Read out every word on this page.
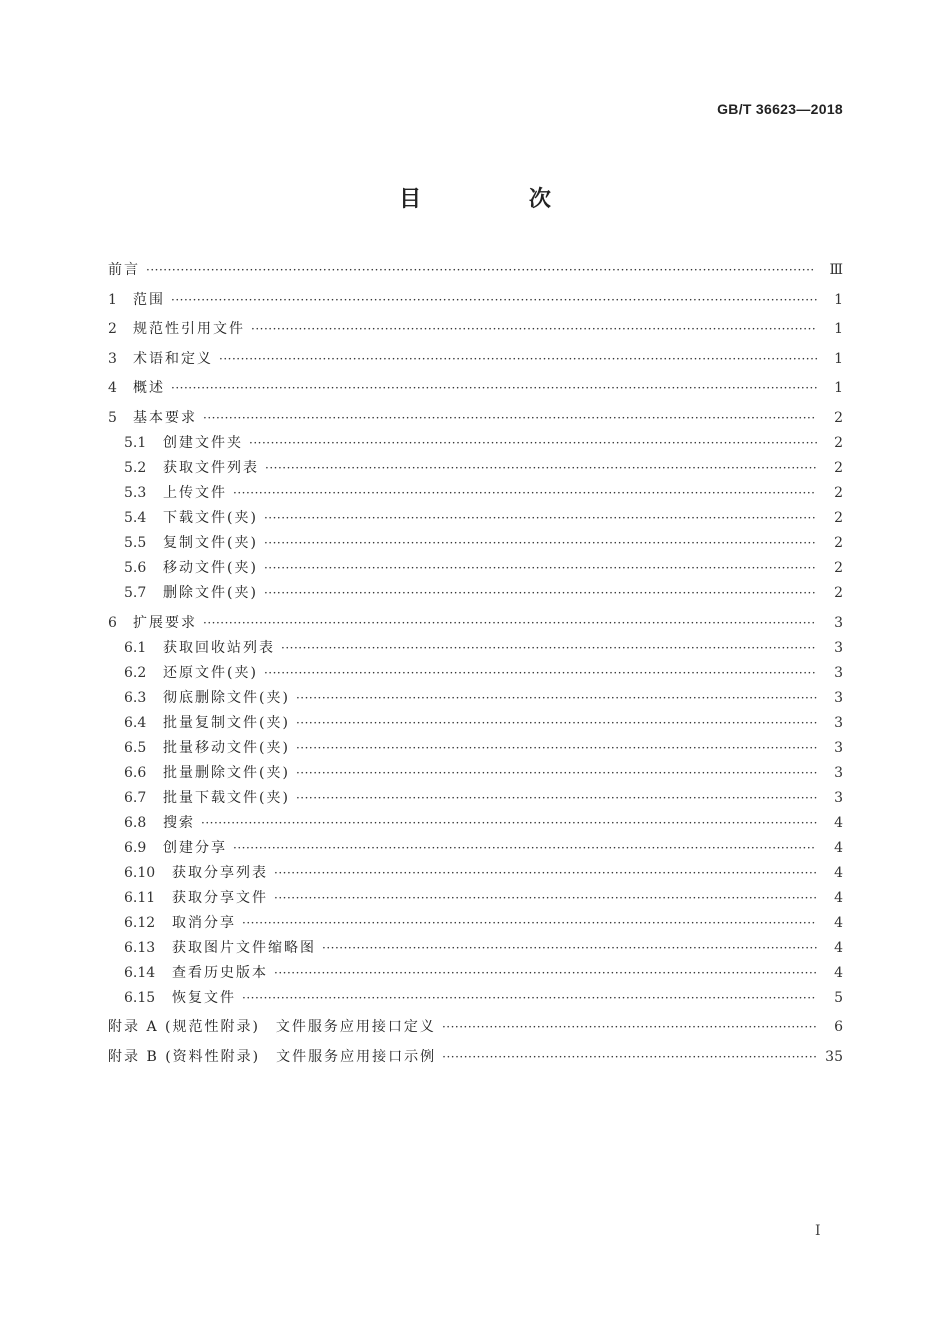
GB/T 36623—2018
目 次
前言 ···························································································································································	Ⅲ
1	范围 ······················································································································································	1
2	规范性引用文件 ···································································································································	1
3	术语和定义 ···········································································································································	1
4	概述 ······················································································································································	1
5	基本要求 ··············································································································································	2
5.1	创建文件夹 ····································································································································	2
5.2	获取文件列表 ································································································································	2
5.3	上传文件 ·······································································································································	2
5.4	下载文件(夹) ································································································································	2
5.5	复制文件(夹) ································································································································	2
5.6	移动文件(夹) ································································································································	2
5.7	删除文件(夹) ································································································································	2
6	扩展要求 ··············································································································································	3
6.1	获取回收站列表 ····························································································································	3
6.2	还原文件(夹) ································································································································	3
6.3	彻底删除文件(夹) ·························································································································	3
6.4	批量复制文件(夹) ·························································································································	3
6.5	批量移动文件(夹) ·························································································································	3
6.6	批量删除文件(夹) ·························································································································	3
6.7	批量下载文件(夹) ·························································································································	3
6.8	搜索 ···············································································································································	4
6.9	创建分享 ·······································································································································	4
6.10	获取分享列表 ······························································································································	4
6.11	获取分享文件 ······························································································································	4
6.12	取消分享 ·····································································································································	4
6.13	获取图片文件缩略图 ···················································································································	4
6.14	查看历史版本 ······························································································································	4
6.15	恢复文件 ·····································································································································	5
附录 A (规范性附录)　文件服务应用接口定义 ·······················································································	6
附录 B (资料性附录)　文件服务应用接口示例 ······················································································· 35
Ⅰ
